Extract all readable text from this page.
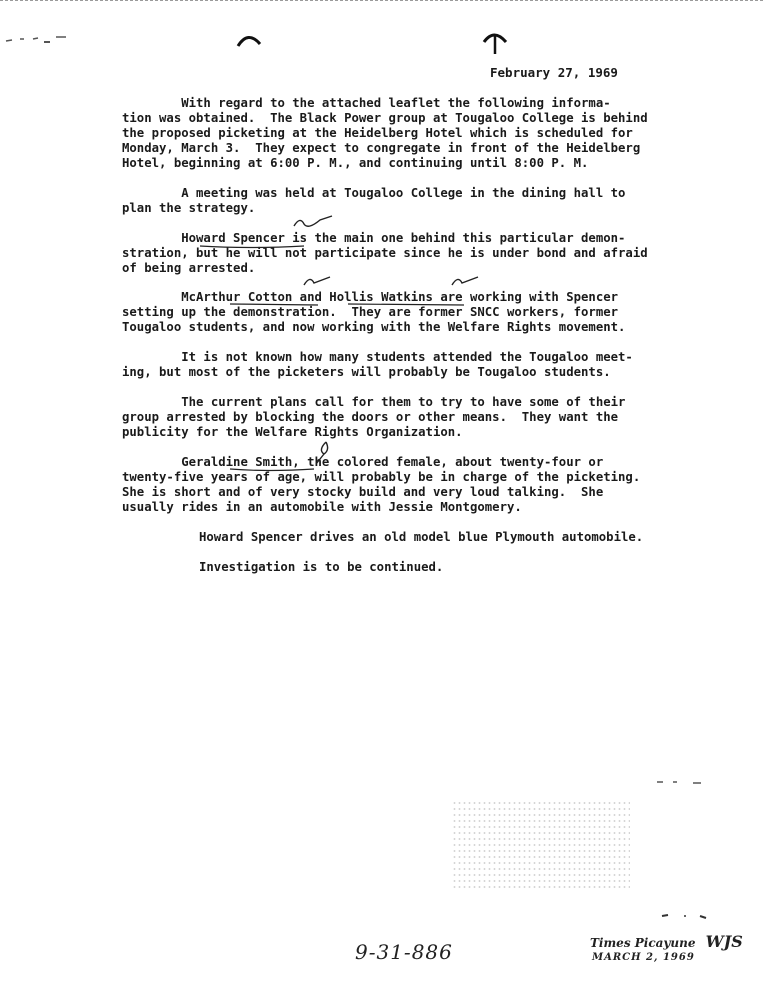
February 27, 1969
With regard to the attached leaflet the following informa-
tion was obtained.  The Black Power group at Tougaloo College is behind
the proposed picketing at the Heidelberg Hotel which is scheduled for
Monday, March 3.  They expect to congregate in front of the Heidelberg
Hotel, beginning at 6:00 P. M., and continuing until 8:00 P. M.
A meeting was held at Tougaloo College in the dining hall to
plan the strategy.
Howard Spencer is the main one behind this particular demon-
stration, but he will not participate since he is under bond and afraid
of being arrested.
McArthur Cotton and Hollis Watkins are working with Spencer
setting up the demonstration.  They are former SNCC workers, former
Tougaloo students, and now working with the Welfare Rights movement.
It is not known how many students attended the Tougaloo meet-
ing, but most of the picketers will probably be Tougaloo students.
The current plans call for them to try to have some of their
group arrested by blocking the doors or other means.  They want the
publicity for the Welfare Rights Organization.
Geraldine Smith, the colored female, about twenty-four or
twenty-five years of age, will probably be in charge of the picketing.
She is short and of very stocky build and very loud talking.  She
usually rides in an automobile with Jessie Montgomery.
Howard Spencer drives an old model blue Plymouth automobile.
Investigation is to be continued.
9-31-886	Times Picayune WJS
MARCH 2, 1969
